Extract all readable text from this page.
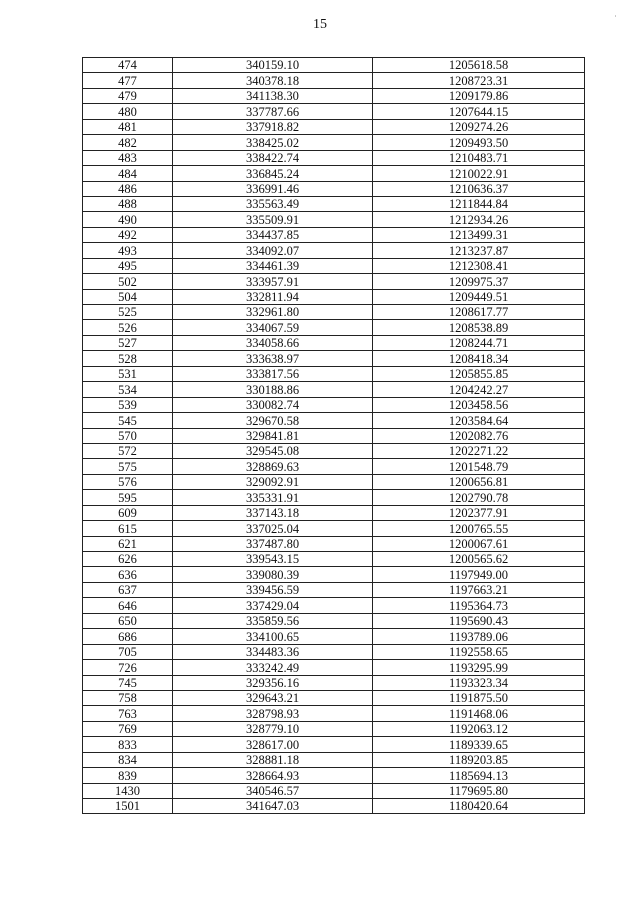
15	˙
474	340159.10	1205618.58
477	340378.18	1208723.31
479	341138.30	1209179.86
480	337787.66	1207644.15
481	337918.82	1209274.26
482	338425.02	1209493.50
483	338422.74	1210483.71
484	336845.24	1210022.91
486	336991.46	1210636.37
488	335563.49	1211844.84
490	335509.91	1212934.26
492	334437.85	1213499.31
493	334092.07	1213237.87
495	334461.39	1212308.41
502	333957.91	1209975.37
504	332811.94	1209449.51
525	332961.80	1208617.77
526	334067.59	1208538.89
527	334058.66	1208244.71
528	333638.97	1208418.34
531	333817.56	1205855.85
534	330188.86	1204242.27
539	330082.74	1203458.56
545	329670.58	1203584.64
570	329841.81	1202082.76
572	329545.08	1202271.22
575	328869.63	1201548.79
576	329092.91	1200656.81
595	335331.91	1202790.78
609	337143.18	1202377.91
615	337025.04	1200765.55
621	337487.80	1200067.61
626	339543.15	1200565.62
636	339080.39	1197949.00
637	339456.59	1197663.21
646	337429.04	1195364.73
650	335859.56	1195690.43
686	334100.65	1193789.06
705	334483.36	1192558.65
726	333242.49	1193295.99
745	329356.16	1193323.34
758	329643.21	1191875.50
763	328798.93	1191468.06
769	328779.10	1192063.12
833	328617.00	1189339.65
834	328881.18	1189203.85
839	328664.93	1185694.13
1430	340546.57	1179695.80
1501	341647.03	1180420.64
